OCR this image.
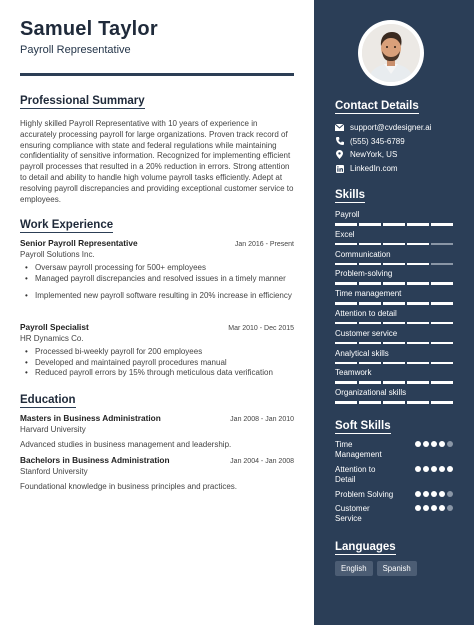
Samuel Taylor
Payroll Representative
Professional Summary
Highly skilled Payroll Representative with 10 years of experience in accurately processing payroll for large organizations. Proven track record of ensuring compliance with state and federal regulations while maintaining confidentiality of sensitive information. Recognized for implementing efficient payroll processes that resulted in a 20% reduction in errors. Strong attention to detail and ability to handle high volume payroll tasks efficiently. Adept at resolving payroll discrepancies and providing exceptional customer service to employees.
Work Experience
Senior Payroll Representative	Jan 2016 - Present
Payroll Solutions Inc.
• Oversaw payroll processing for 500+ employees
• Managed payroll discrepancies and resolved issues in a timely manner
• Implemented new payroll software resulting in 20% increase in efficiency
Payroll Specialist	Mar 2010 - Dec 2015
HR Dynamics Co.
• Processed bi-weekly payroll for 200 employees
• Developed and maintained payroll procedures manual
• Reduced payroll errors by 15% through meticulous data verification
Education
Masters in Business Administration	Jan 2008 - Jan 2010
Harvard University
Advanced studies in business management and leadership.
Bachelors in Business Administration	Jan 2004 - Jan 2008
Stanford University
Foundational knowledge in business principles and practices.
Contact Details
support@cvdesigner.ai
(555) 345-6789
NewYork, US
LinkedIn.com
Skills
Payroll
Excel
Communication
Problem-solving
Time management
Attention to detail
Customer service
Analytical skills
Teamwork
Organizational skills
Soft Skills
Time Management
Attention to Detail
Problem Solving
Customer Service
Languages
English	Spanish
